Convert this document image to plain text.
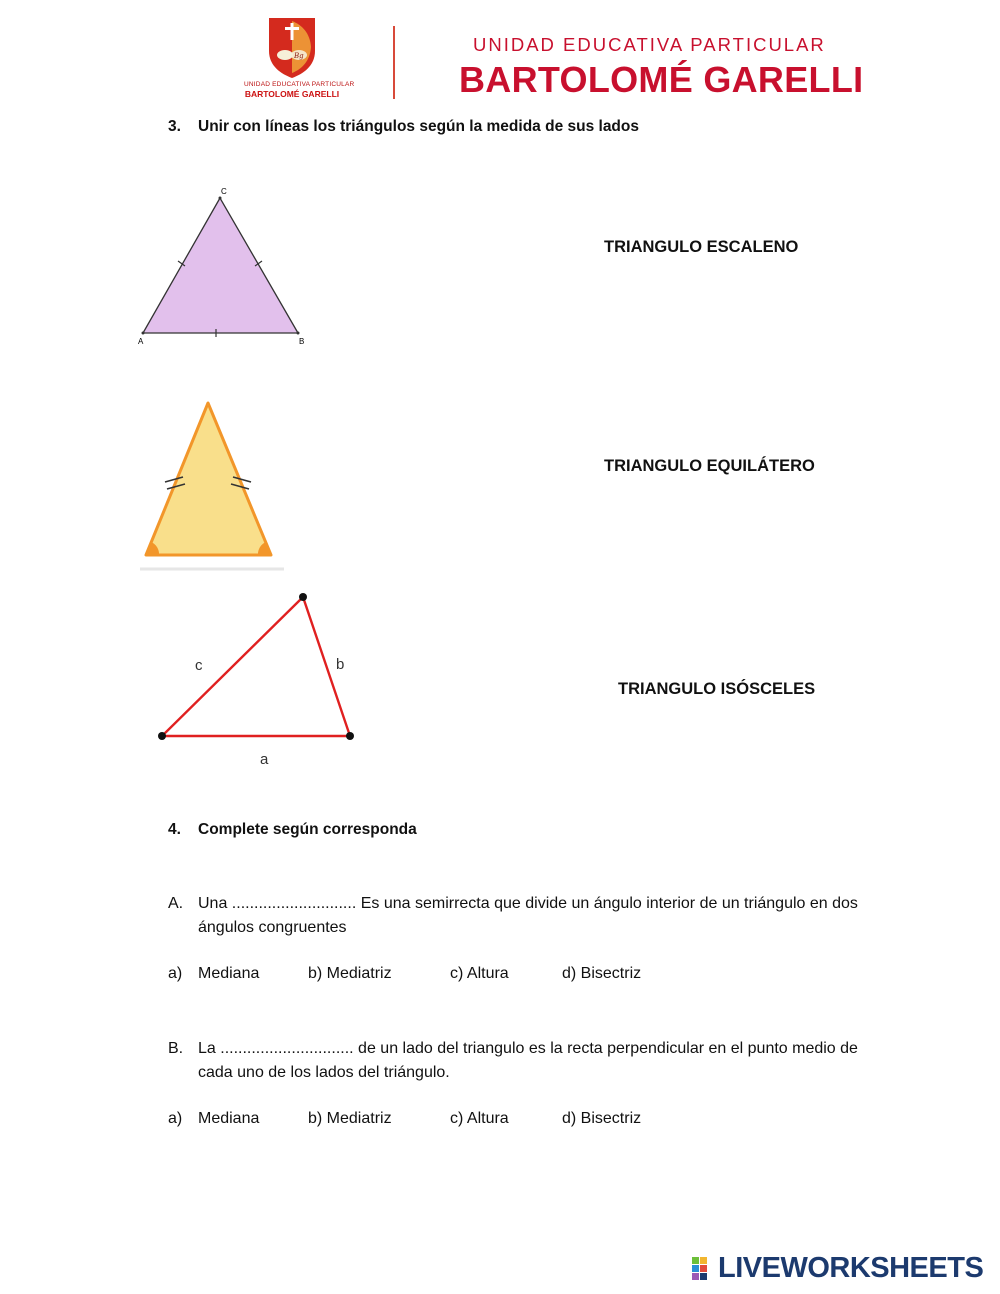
Bg
UNIDAD EDUCATIVA PARTICULAR
BARTOLOMÉ GARELLI
UNIDAD EDUCATIVA PARTICULAR
BARTOLOMÉ GARELLI
3. Unir con líneas los triángulos según la medida de sus lados
C
A	B
c	b
a
TRIANGULO ESCALENO
TRIANGULO EQUILÁTERO
TRIANGULO ISÓSCELES
4. Complete según corresponda
A. Una ............................ Es una semirrecta que divide un ángulo interior de un triángulo en dos ángulos congruentes
a) Mediana	b) Mediatriz	c) Altura	d) Bisectriz
B. La .............................. de un lado del triangulo es la recta perpendicular en el punto medio de cada uno de los lados del triángulo.
a) Mediana	b) Mediatriz	c) Altura	d) Bisectriz
LIVEWORKSHEETS
